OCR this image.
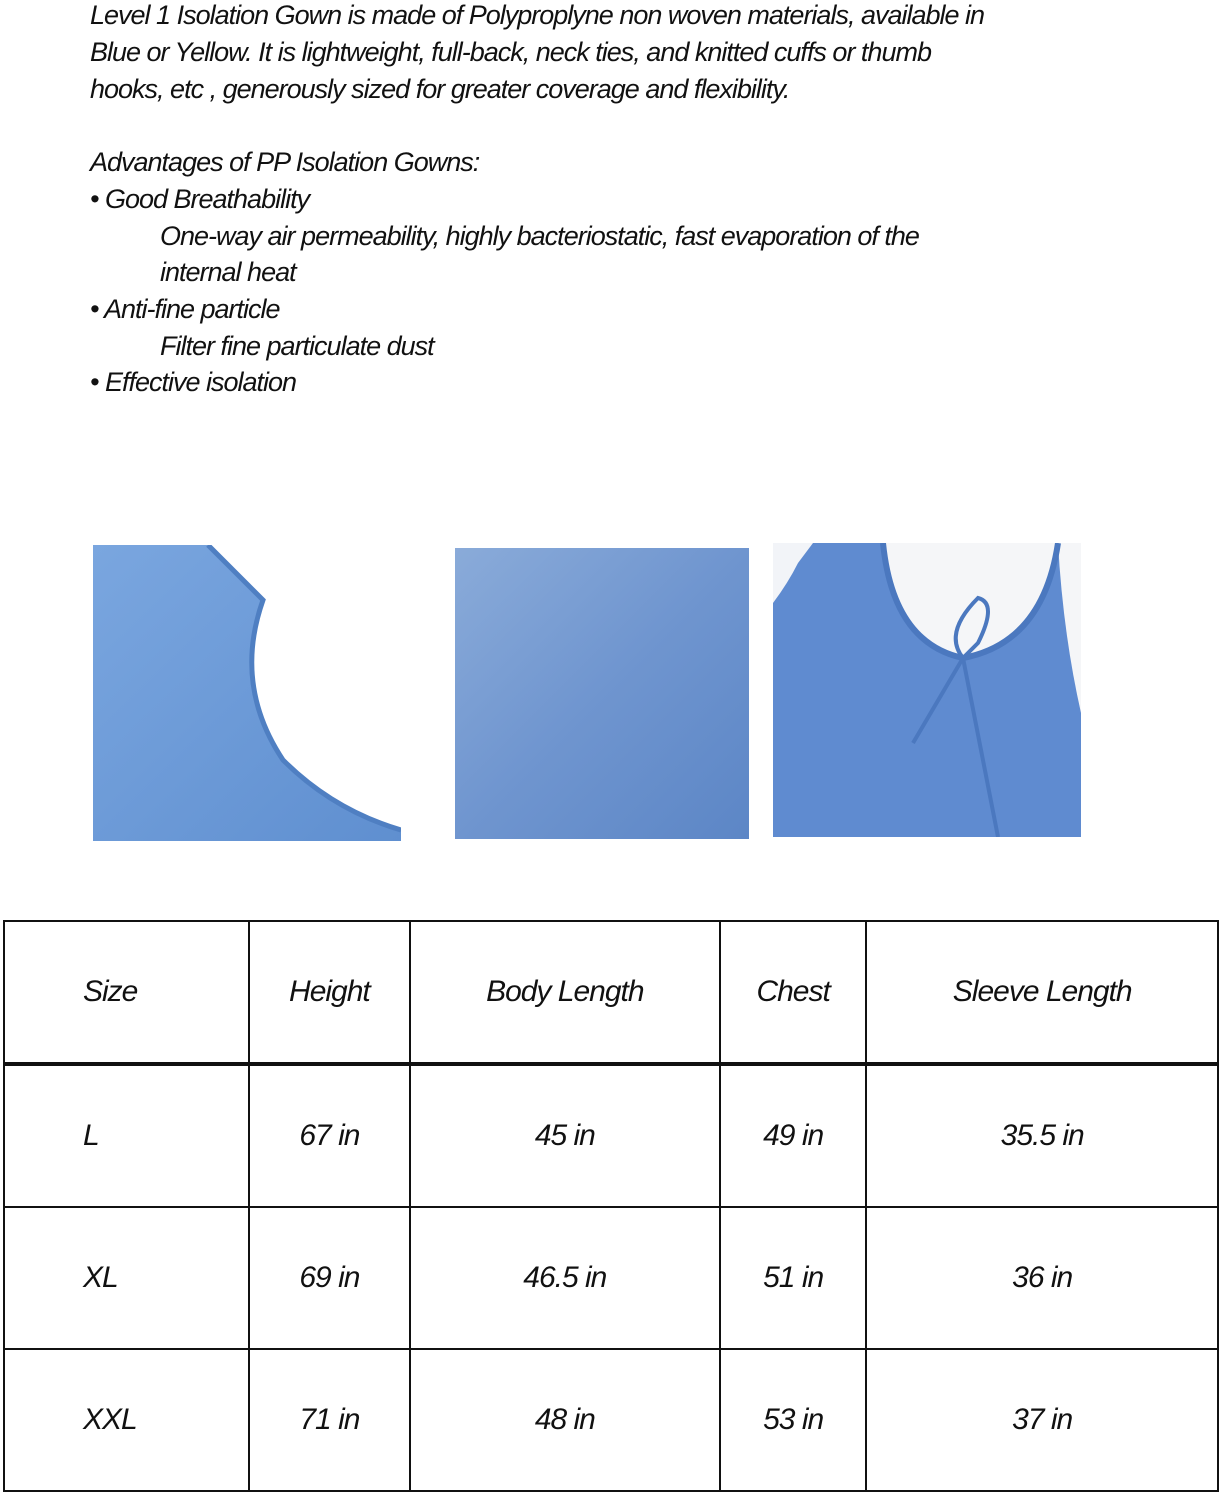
Level 1 Isolation Gown is made of Polyproplyne non woven materials, available in
Blue or Yellow. It is lightweight, full-back, neck ties, and knitted cuffs or thumb
hooks, etc , generously sized for greater coverage and flexibility.
Advantages of PP Isolation Gowns:
• Good Breathability
One-way air permeability, highly bacteriostatic, fast evaporation of the
internal heat
• Anti-fine particle
Filter fine particulate dust
• Effective isolation
Size	Height	Body Length	Chest	Sleeve Length
L	67 in	45 in	49 in	35.5 in
XL	69 in	46.5 in	51 in	36 in
XXL	71 in	48 in	53 in	37 in
